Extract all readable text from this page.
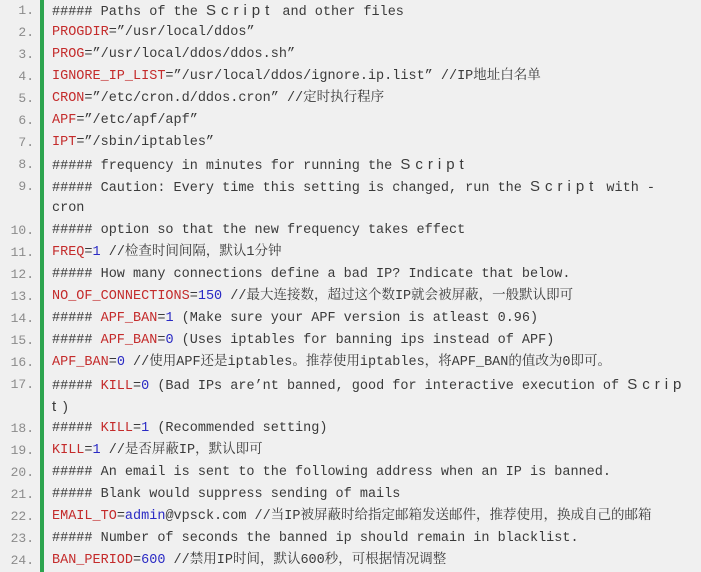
1. ##### Paths of the Script and other files
2. PROGDIR=”/usr/local/ddos”
3. PROG=”/usr/local/ddos/ddos.sh”
4. IGNORE_IP_LIST=”/usr/local/ddos/ignore.ip.list” //IP地址白名单
5. CRON=”/etc/cron.d/ddos.cron” //定时执行程序
6. APF=”/etc/apf/apf”
7. IPT=”/sbin/iptables”
8. ##### frequency in minutes for running the Script
9. ##### Caution: Every time this setting is changed, run the Script with -
cron
10. ##### option so that the new frequency takes effect
11. FREQ=1 //检查时间间隔，默认1分钟
12. ##### How many connections define a bad IP? Indicate that below.
13. NO_OF_CONNECTIONS=150 //最大连接数，超过这个数IP就会被屏蔽，一般默认即可
14. ##### APF_BAN=1 (Make sure your APF version is atleast 0.96)
15. ##### APF_BAN=0 (Uses iptables for banning ips instead of APF)
16. APF_BAN=0 //使用APF还是iptables。推荐使用iptables，将APF_BAN的值改为0即可。
17. ##### KILL=0 (Bad IPs are’nt banned, good for interactive execution of Scrip
t)
18. ##### KILL=1 (Recommended setting)
19. KILL=1 //是否屏蔽IP，默认即可
20. ##### An email is sent to the following address when an IP is banned.
21. ##### Blank would suppress sending of mails
22. EMAIL_TO=admin@vpsck.com //当IP被屏蔽时给指定邮箱发送邮件，推荐使用，换成自己的邮箱
23. ##### Number of seconds the banned ip should remain in blacklist.
24. BAN_PERIOD=600 //禁用IP时间，默认600秒，可根据情况调整
